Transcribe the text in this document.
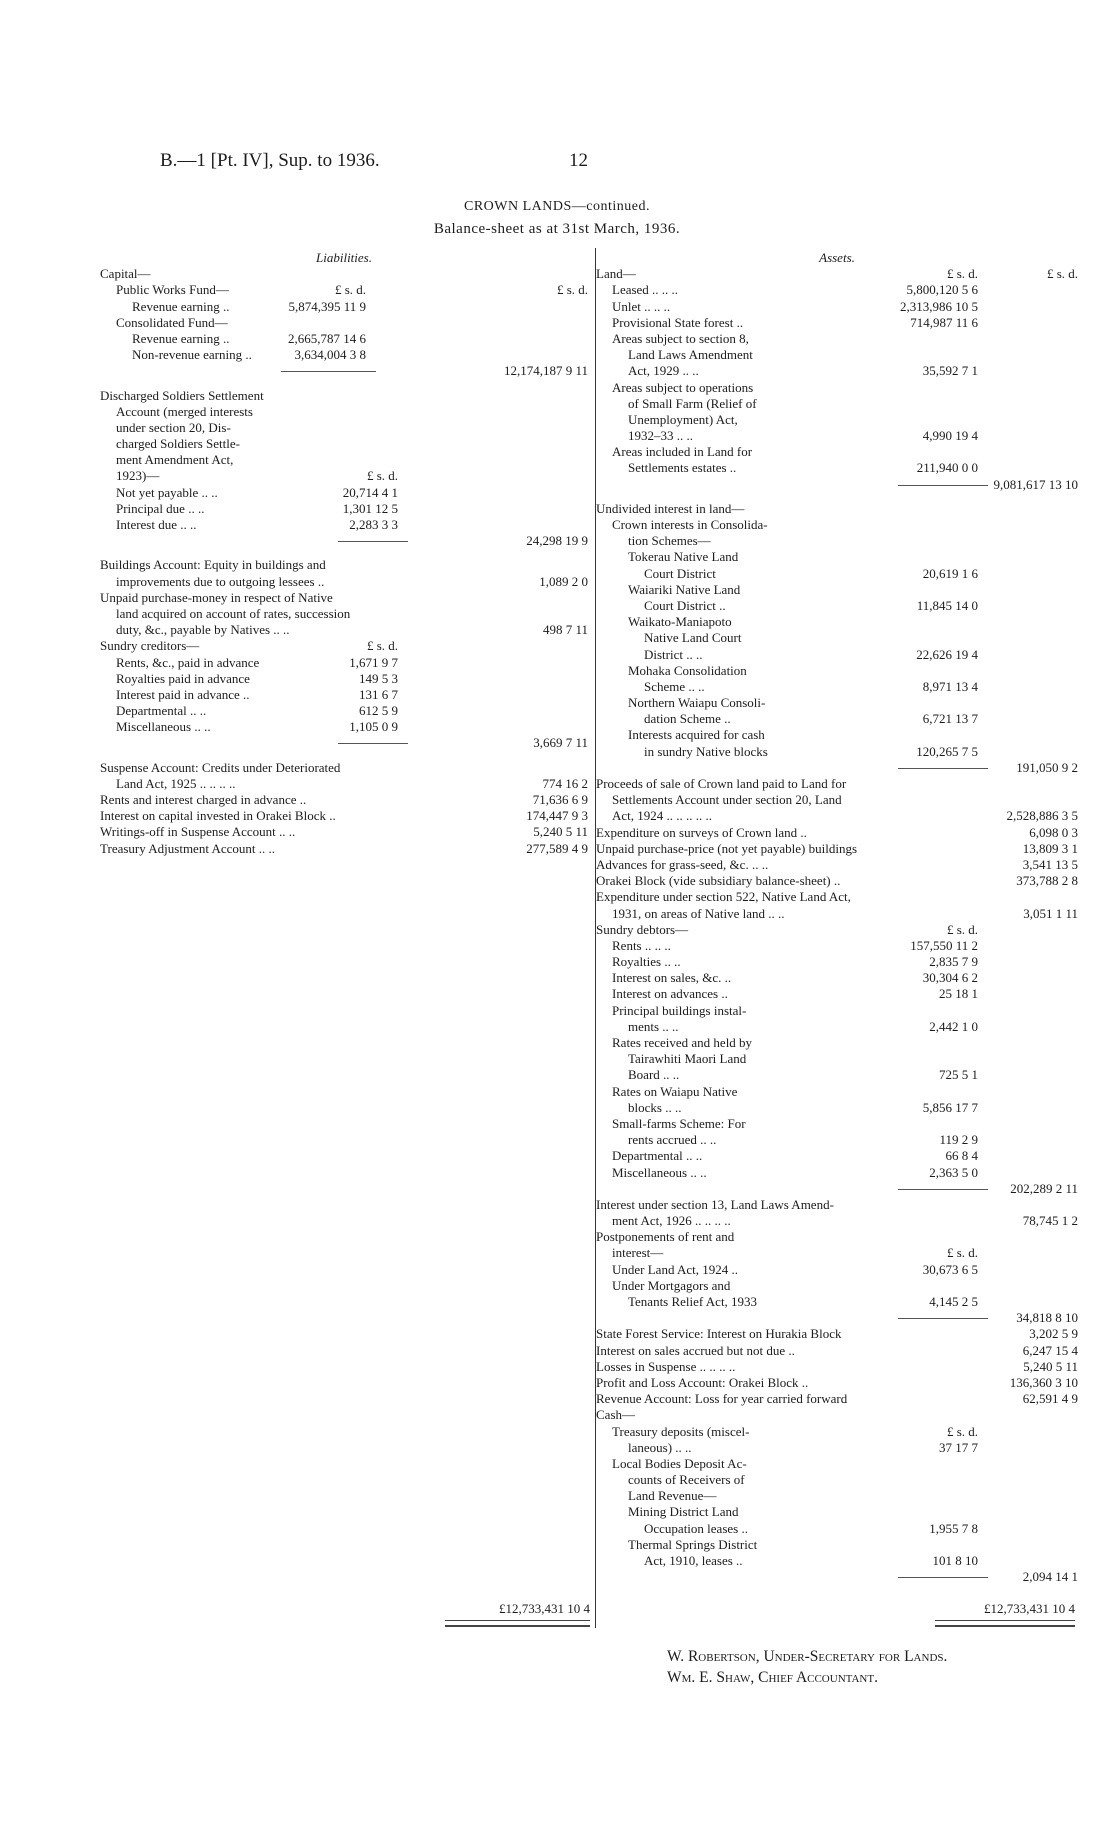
B.—1 [Pt. IV], Sup. to 1936.	12
CROWN LANDS—continued.
Balance-sheet as at 31st March, 1936.
Liabilities.
Capital—
Public Works Fund—	£ s. d.	£ s. d.
Revenue earning ..	5,874,395 11 9
Consolidated Fund—
Revenue earning ..	2,665,787 14 6
Non-revenue earning ..	3,634,004 3 8
12,174,187 9 11
Discharged Soldiers Settlement
Account (merged interests
under section 20, Dis-
charged Soldiers Settle-
ment Amendment Act,
1923)—	£ s. d.
Not yet payable .. ..	20,714 4 1
Principal due .. ..	1,301 12 5
Interest due .. ..	2,283 3 3
24,298 19 9
Buildings Account: Equity in buildings and
improvements due to outgoing lessees ..	1,089 2 0
Unpaid purchase-money in respect of Native
land acquired on account of rates, succession
duty, &c., payable by Natives .. ..	498 7 11
Sundry creditors—	£ s. d.
Rents, &c., paid in advance	1,671 9 7
Royalties paid in advance	149 5 3
Interest paid in advance ..	131 6 7
Departmental .. ..	612 5 9
Miscellaneous .. ..	1,105 0 9
3,669 7 11
Suspense Account: Credits under Deteriorated
Land Act, 1925 .. .. .. ..	774 16 2
Rents and interest charged in advance ..	71,636 6 9
Interest on capital invested in Orakei Block ..	174,447 9 3
Writings-off in Suspense Account .. ..	5,240 5 11
Treasury Adjustment Account .. ..	277,589 4 9
Assets.
Land—	£ s. d.	£ s. d.
Leased .. .. ..	5,800,120 5 6
Unlet .. .. ..	2,313,986 10 5
Provisional State forest ..	714,987 11 6
Areas subject to section 8,
Land Laws Amendment
Act, 1929 .. ..	35,592 7 1
Areas subject to operations
of Small Farm (Relief of
Unemployment) Act,
1932–33 .. ..	4,990 19 4
Areas included in Land for
Settlements estates ..	211,940 0 0
9,081,617 13 10
Undivided interest in land—
Crown interests in Consolida-
tion Schemes—
Tokerau Native Land
Court District	20,619 1 6
Waiariki Native Land
Court District ..	11,845 14 0
Waikato-Maniapoto
Native Land Court
District .. ..	22,626 19 4
Mohaka Consolidation
Scheme .. ..	8,971 13 4
Northern Waiapu Consoli-
dation Scheme ..	6,721 13 7
Interests acquired for cash
in sundry Native blocks	120,265 7 5
191,050 9 2
Proceeds of sale of Crown land paid to Land for
Settlements Account under section 20, Land
Act, 1924 .. .. .. .. ..	2,528,886 3 5
Expenditure on surveys of Crown land ..	6,098 0 3
Unpaid purchase-price (not yet payable) buildings	13,809 3 1
Advances for grass-seed, &c. .. ..	3,541 13 5
Orakei Block (vide subsidiary balance-sheet) ..	373,788 2 8
Expenditure under section 522, Native Land Act,
1931, on areas of Native land .. ..	3,051 1 11
Sundry debtors—	£ s. d.
Rents .. .. ..	157,550 11 2
Royalties .. ..	2,835 7 9
Interest on sales, &c. ..	30,304 6 2
Interest on advances ..	25 18 1
Principal buildings instal-
ments .. ..	2,442 1 0
Rates received and held by
Tairawhiti Maori Land
Board .. ..	725 5 1
Rates on Waiapu Native
blocks .. ..	5,856 17 7
Small-farms Scheme: For
rents accrued .. ..	119 2 9
Departmental .. ..	66 8 4
Miscellaneous .. ..	2,363 5 0
202,289 2 11
Interest under section 13, Land Laws Amend-
ment Act, 1926 .. .. .. ..	78,745 1 2
Postponements of rent and
interest—	£ s. d.
Under Land Act, 1924 ..	30,673 6 5
Under Mortgagors and
Tenants Relief Act, 1933	4,145 2 5
34,818 8 10
State Forest Service: Interest on Hurakia Block	3,202 5 9
Interest on sales accrued but not due ..	6,247 15 4
Losses in Suspense .. .. .. ..	5,240 5 11
Profit and Loss Account: Orakei Block ..	136,360 3 10
Revenue Account: Loss for year carried forward	62,591 4 9
Cash—
Treasury deposits (miscel-	£ s. d.
laneous) .. ..	37 17 7
Local Bodies Deposit Ac-
counts of Receivers of
Land Revenue—
Mining District Land
Occupation leases ..	1,955 7 8
Thermal Springs District
Act, 1910, leases ..	101 8 10
2,094 14 1
£12,733,431 10 4	£12,733,431 10 4
W. Robertson, Under-Secretary for Lands.
Wm. E. Shaw, Chief Accountant.
